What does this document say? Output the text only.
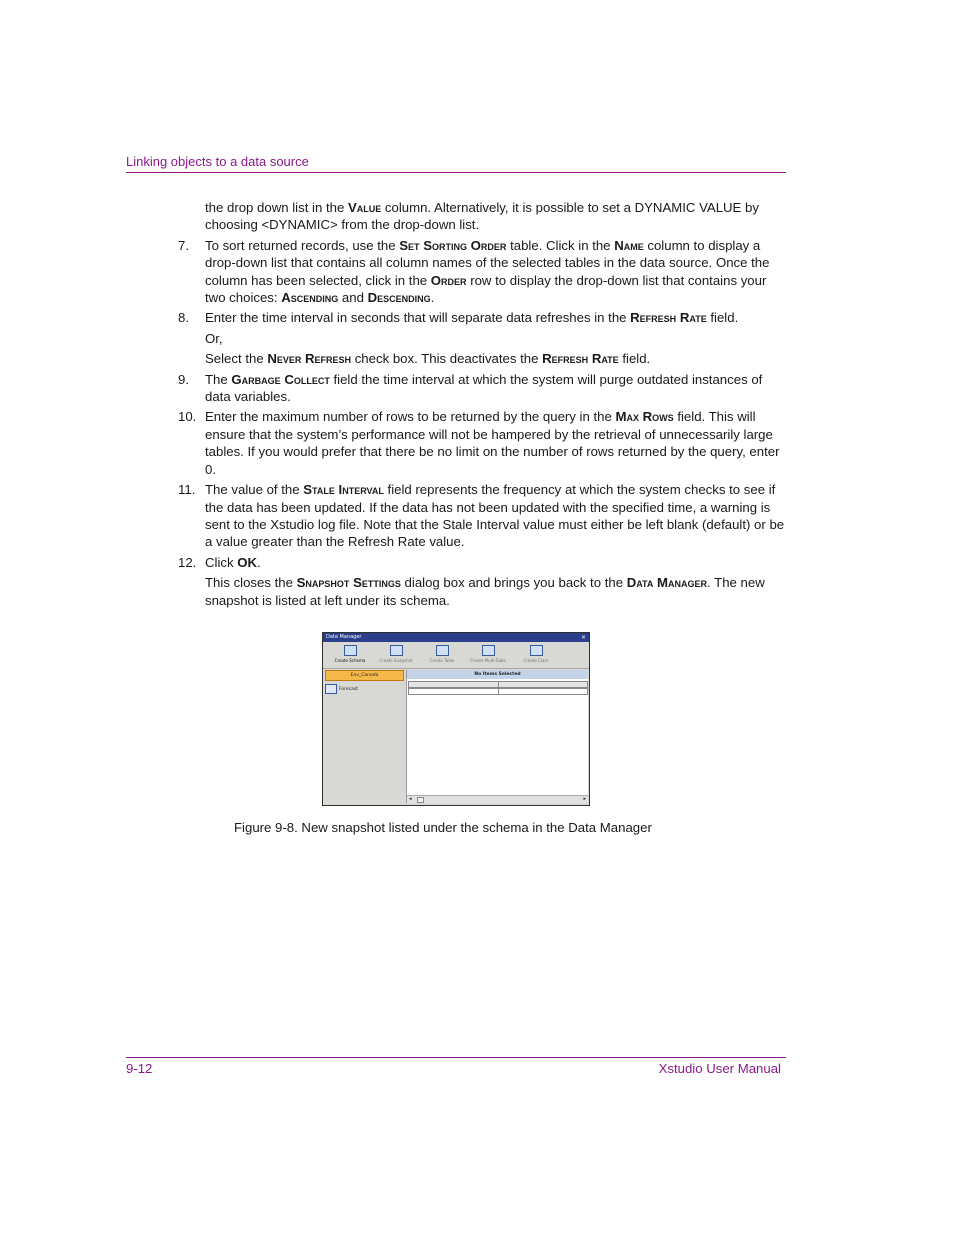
Linking objects to a data source

the drop down list in the Value column. Alternatively, it is possible to set a DYNAMIC VALUE by choosing <DYNAMIC> from the drop-down list.

7. To sort returned records, use the Set Sorting Order table. Click in the Name column to display a drop-down list that contains all column names of the selected tables in the data source. Once the column has been selected, click in the Order row to display the drop-down list that contains your two choices: Ascending and Descending.
8. Enter the time interval in seconds that will separate data refreshes in the Refresh Rate field.

Or,

Select the Never Refresh check box. This deactivates the Refresh Rate field.

9. The Garbage Collect field the time interval at which the system will purge outdated instances of data variables.
10. Enter the maximum number of rows to be returned by the query in the Max Rows field. This will ensure that the system’s performance will not be hampered by the retrieval of unnecessarily large tables. If you would prefer that there be no limit on the number of rows returned by the query, enter 0.
11. The value of the Stale Interval field represents the frequency at which the system checks to see if the data has been updated. If the data has not been updated with the specified time, a warning is sent to the Xstudio log file. Note that the Stale Interval value must either be left blank (default) or be a value greater than the Refresh Rate value.
12. Click OK.

This closes the Snapshot Settings dialog box and brings you back to the Data Manager. The new snapshot is listed at left under its schema.

Data Manager	×
Create Schema	Create Snapshot	Create Table	Create Multi-Table	Create Class
Env_Canada
Forecast
No Items Selected
◂	▸
Figure 9-8. New snapshot listed under the schema in the Data Manager
9-12	Xstudio User Manual
